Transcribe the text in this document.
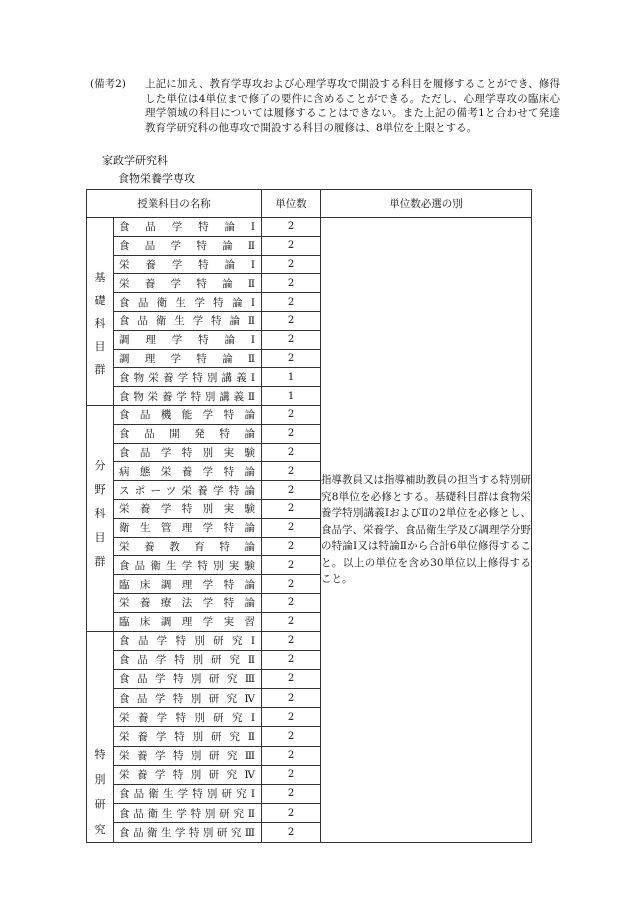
(備考2) 上記に加え、教育学専攻および心理学専攻で開設する科目を履修することができ、修得した単位は4単位まで修了の要件に含めることができる。ただし、心理学専攻の臨床心理学領域の科目については履修することはできない。また上記の備考1と合わせて発達教育学研究科の他専攻で開設する科目の履修は、8単位を上限とする。
家政学研究科
食物栄養学専攻
授業科目の名称		単位数	単位数必選の別

基
礎
科
目
群	食品学特論Ⅰ	2	指導教員又は指導補助教員の担当する特別研究8単位を必修とする。基礎科目群は食物栄養学特別講義ⅠおよびⅡの2単位を必修とし、食品学、栄養学、食品衛生学及び調理学分野の特論Ⅰ又は特論Ⅱから合計6単位修得すること。以上の単位を含め30単位以上修得すること。

	食品学特論Ⅱ	2	

	栄養学特論Ⅰ	2	

	栄養学特論Ⅱ	2	

	食品衛生学特論Ⅰ	2	

	食品衛生学特論Ⅱ	2	

	調理学特論Ⅰ	2	

	調理学特論Ⅱ	2	

	食物栄養学特別講義Ⅰ	1	

	食物栄養学特別講義Ⅱ	1	

分
野
科
目
群	食品機能学特論	2	

	食品開発特論	2	

	食品学特別実験	2	

	病態栄養学特論	2	

	スポーツ栄養学特論	2	

	栄養学特別実験	2	

	衛生管理学特論	2	

	栄養教育特論	2	

	食品衛生学特別実験	2	

	臨床調理学特論	2	

	栄養療法学特論	2	

	臨床調理学実習	2	

特
別
研
究	食品学特別研究Ⅰ	2	

	食品学特別研究Ⅱ	2	

	食品学特別研究Ⅲ	2	

	食品学特別研究Ⅳ	2	

	栄養学特別研究Ⅰ	2	

	栄養学特別研究Ⅱ	2	

	栄養学特別研究Ⅲ	2	

	栄養学特別研究Ⅳ	2	

	食品衛生学特別研究Ⅰ	2	

	食品衛生学特別研究Ⅱ	2	

	食品衛生学特別研究Ⅲ	2	
